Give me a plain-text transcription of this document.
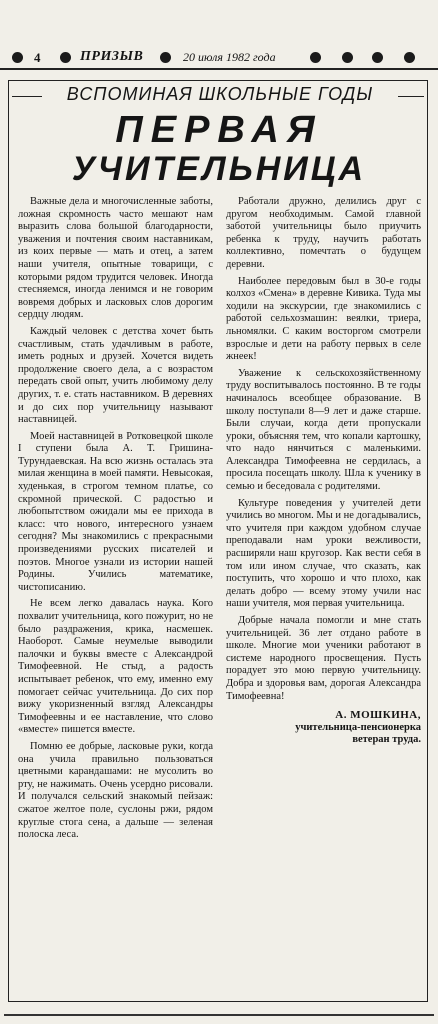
4	ПРИЗЫВ	20 июля 1982 года
ВСПОМИНАЯ ШКОЛЬНЫЕ ГОДЫ
ПЕРВАЯ
УЧИТЕЛЬНИЦА

Важные дела и многочисленные заботы, ложная скромность часто мешают нам выразить слова большой благодарности, уважения и почтения своим наставникам, из коих первые — мать и отец, а затем наши учителя, опытные товарищи, с которыми рядом трудится человек. Иногда стесняемся, иногда ленимся и не говорим вовремя добрых и ласковых слов дорогим сердцу людям.

Каждый человек с детства хочет быть счастливым, стать удачливым в работе, иметь родных и друзей. Хочется видеть продолжение своего дела, а с возрастом передать свой опыт, учить любимому делу других, т. е. стать наставником. В деревнях и до сих пор учительницу называют наставницей.

Моей наставницей в Ротковецкой школе I ступени была А. Т. Гришина-Турундаевская. На всю жизнь осталась эта милая женщина в моей памяти. Невысокая, худенькая, в строгом темном платье, со скромной прической. С радостью и любопытством ожидали мы ее прихода в класс: что нового, интересного узнаем сегодня? Мы знакомились с прекрасными произведениями русских писателей и поэтов. Многое узнали из истории нашей Родины. Учились математике, чистописанию.

Не всем легко давалась наука. Кого похвалит учительница, кого пожурит, но не было раздражения, крика, насмешек. Наоборот. Самые неумелые выводили палочки и буквы вместе с Александрой Тимофеевной. Не стыд, а радость испытывает ребенок, что ему, именно ему помогает сейчас учительница. До сих пор вижу укоризненный взгляд Александры Тимофеевны и ее наставление, что слово «вместе» пишется вместе.

Помню ее добрые, ласковые руки, когда она учила правильно пользоваться цветными карандашами: не мусолить во рту, не нажимать. Очень усердно рисовали. И получался сельский знакомый пейзаж: сжатое желтое поле, суслоны ржи, рядом круглые стога сена, а дальше — зеленая полоска леса.

Работали дружно, делились друг с другом необходимым. Самой главной заботой учительницы было приучить ребенка к труду, научить работать коллективно, помечтать о будущем деревни.

Наиболее передовым был в 30-е годы колхоз «Смена» в деревне Кивика. Туда мы ходили на экскурсии, где знакомились с работой сельхозмашин: веялки, триера, льномялки. С каким восторгом смотрели взрослые и дети на работу первых в селе жнеек!

Уважение к сельскохозяйственному труду воспитывалось постоянно. В те годы начиналось всеобщее образование. В школу поступали 8—9 лет и даже старше. Были случаи, когда дети пропускали уроки, объясняя тем, что копали картошку, что надо нянчиться с маленькими. Александра Тимофеевна не сердилась, а просила посещать школу. Шла к ученику в семью и беседовала с родителями.

Культуре поведения у учителей дети учились во многом. Мы и не догадывались, что учителя при каждом удобном случае преподавали нам уроки вежливости, расширяли наш кругозор. Как вести себя в том или ином случае, что сказать, как поступить, что хорошо и что плохо, как делать добро — всему этому учили нас наши учителя, моя первая учительница.

Добрые начала помогли и мне стать учительницей. 36 лет отдано работе в школе. Многие мои ученики работают в системе народного просвещения. Пусть порадует это мою первую учительницу. Добра и здоровья вам, дорогая Александра Тимофеевна!

А. МОШКИНА,
учительница-пенсионерка
ветеран труда.
